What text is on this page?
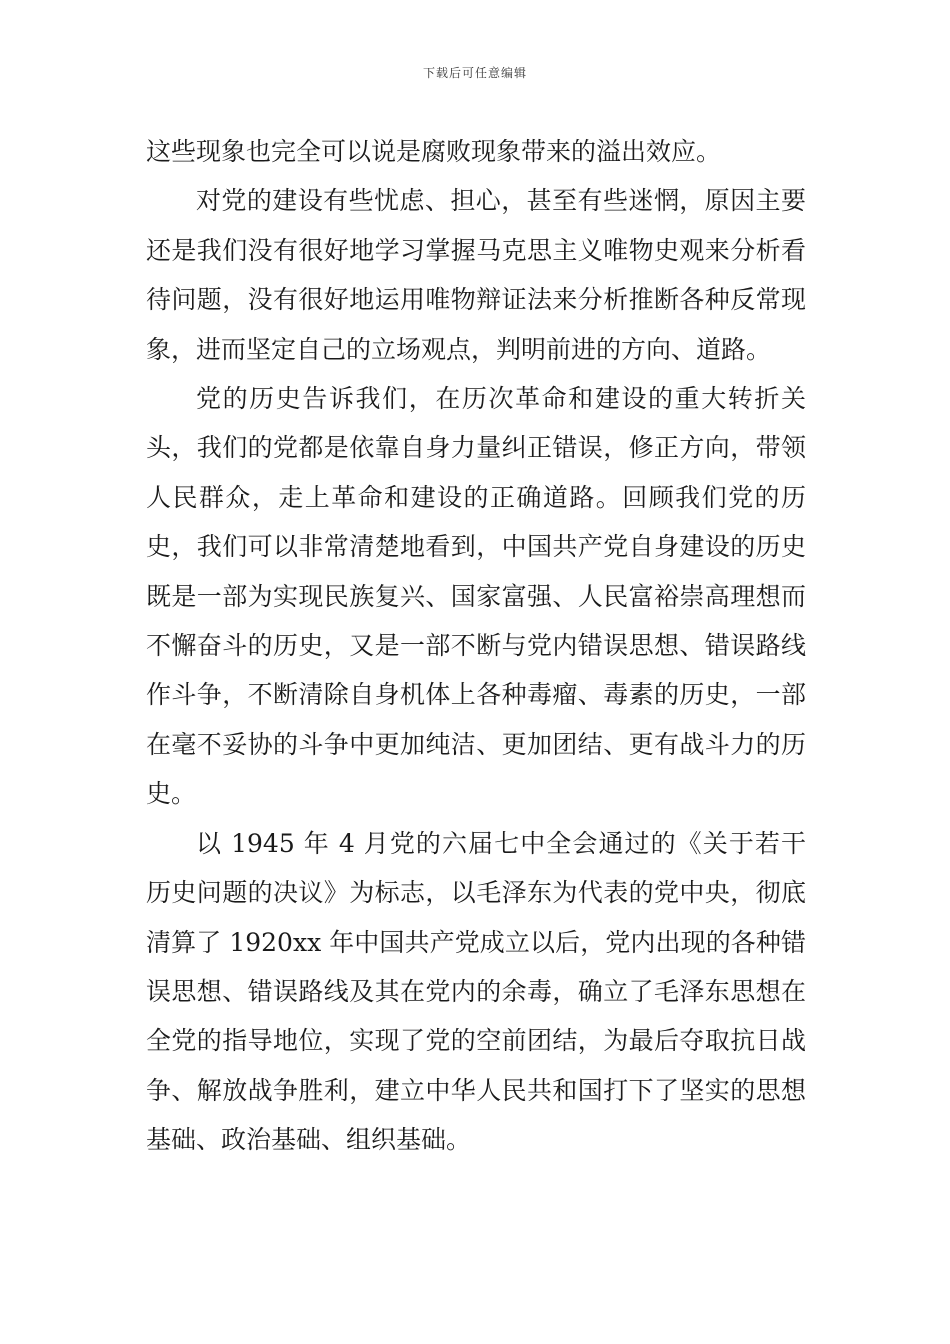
下载后可任意编辑

这些现象也完全可以说是腐败现象带来的溢出效应。

对党的建设有些忧虑、担心，甚至有些迷惘，原因主要还是我们没有很好地学习掌握马克思主义唯物史观来分析看待问题，没有很好地运用唯物辩证法来分析推断各种反常现象，进而坚定自己的立场观点，判明前进的方向、道路。

党的历史告诉我们，在历次革命和建设的重大转折关头，我们的党都是依靠自身力量纠正错误，修正方向，带领人民群众，走上革命和建设的正确道路。回顾我们党的历史，我们可以非常清楚地看到，中国共产党自身建设的历史既是一部为实现民族复兴、国家富强、人民富裕崇高理想而不懈奋斗的历史，又是一部不断与党内错误思想、错误路线作斗争，不断清除自身机体上各种毒瘤、毒素的历史，一部在毫不妥协的斗争中更加纯洁、更加团结、更有战斗力的历史。

以 1945 年 4 月党的六届七中全会通过的《关于若干历史问题的决议》为标志，以毛泽东为代表的党中央，彻底清算了 1920xx 年中国共产党成立以后，党内出现的各种错误思想、错误路线及其在党内的余毒，确立了毛泽东思想在全党的指导地位，实现了党的空前团结，为最后夺取抗日战争、解放战争胜利，建立中华人民共和国打下了坚实的思想基础、政治基础、组织基础。
